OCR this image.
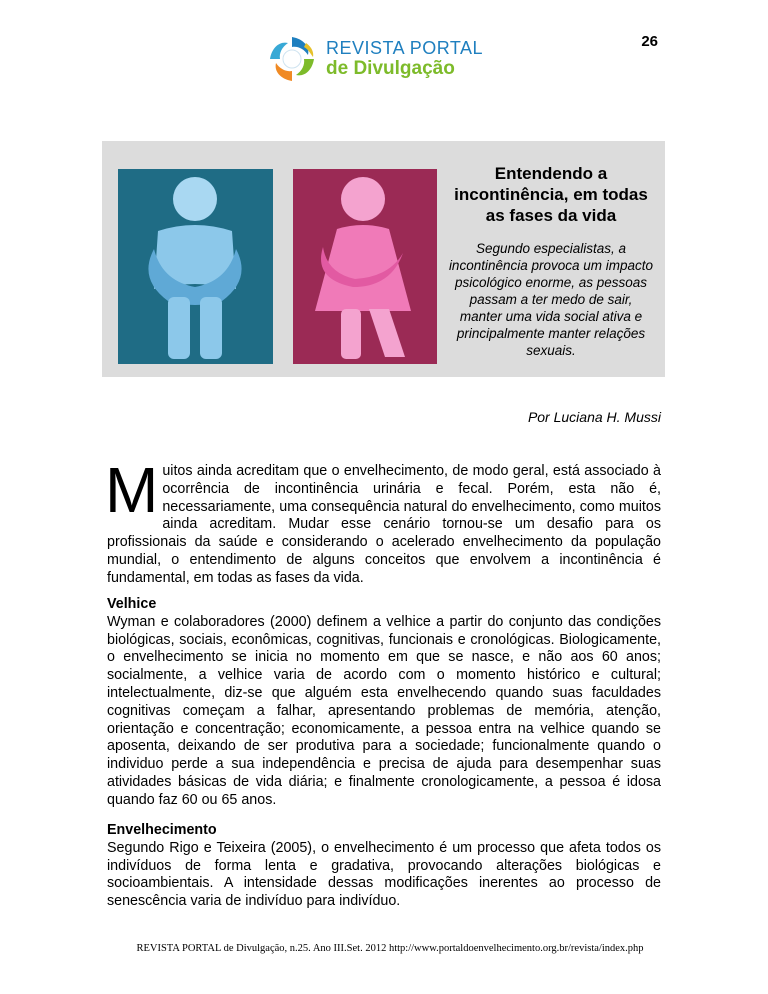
26
REVISTA PORTAL
de Divulgação
Entendendo a incontinência, em todas as fases da vida
Segundo especialistas, a incontinência provoca um impacto psicológico enorme, as pessoas passam a ter medo de sair, manter uma vida social ativa e principalmente manter relações sexuais.
Por Luciana H. Mussi
Muitos ainda acreditam que o envelhecimento, de modo geral, está associado à ocorrência de incontinência urinária e fecal. Porém, esta não é, necessariamente, uma consequência natural do envelhecimento, como muitos ainda acreditam. Mudar esse cenário tornou-se um desafio para os profissionais da saúde e considerando o acelerado envelhecimento da população mundial, o entendimento de alguns conceitos que envolvem a incontinência é fundamental, em todas as fases da vida.
Velhice
Wyman e colaboradores (2000) definem a velhice a partir do conjunto das condições biológicas, sociais, econômicas, cognitivas, funcionais e cronológicas. Biologicamente, o envelhecimento se inicia no momento em que se nasce, e não aos 60 anos; socialmente, a velhice varia de acordo com o momento histórico e cultural; intelectualmente, diz-se que alguém esta envelhecendo quando suas faculdades cognitivas começam a falhar, apresentando problemas de memória, atenção, orientação e concentração; economicamente, a pessoa entra na velhice quando se aposenta, deixando de ser produtiva para a sociedade; funcionalmente quando o individuo perde a sua independência e precisa de ajuda para desempenhar suas atividades básicas de vida diária; e finalmente cronologicamente, a pessoa é idosa quando faz 60 ou 65 anos.
Envelhecimento
Segundo Rigo e Teixeira (2005), o envelhecimento é um processo que afeta todos os indivíduos de forma lenta e gradativa, provocando alterações biológicas e socioambientais. A intensidade dessas modificações inerentes ao processo de senescência varia de indivíduo para indivíduo.
REVISTA PORTAL de Divulgação, n.25. Ano III.Set. 2012 http://www.portaldoenvelhecimento.org.br/revista/index.php
